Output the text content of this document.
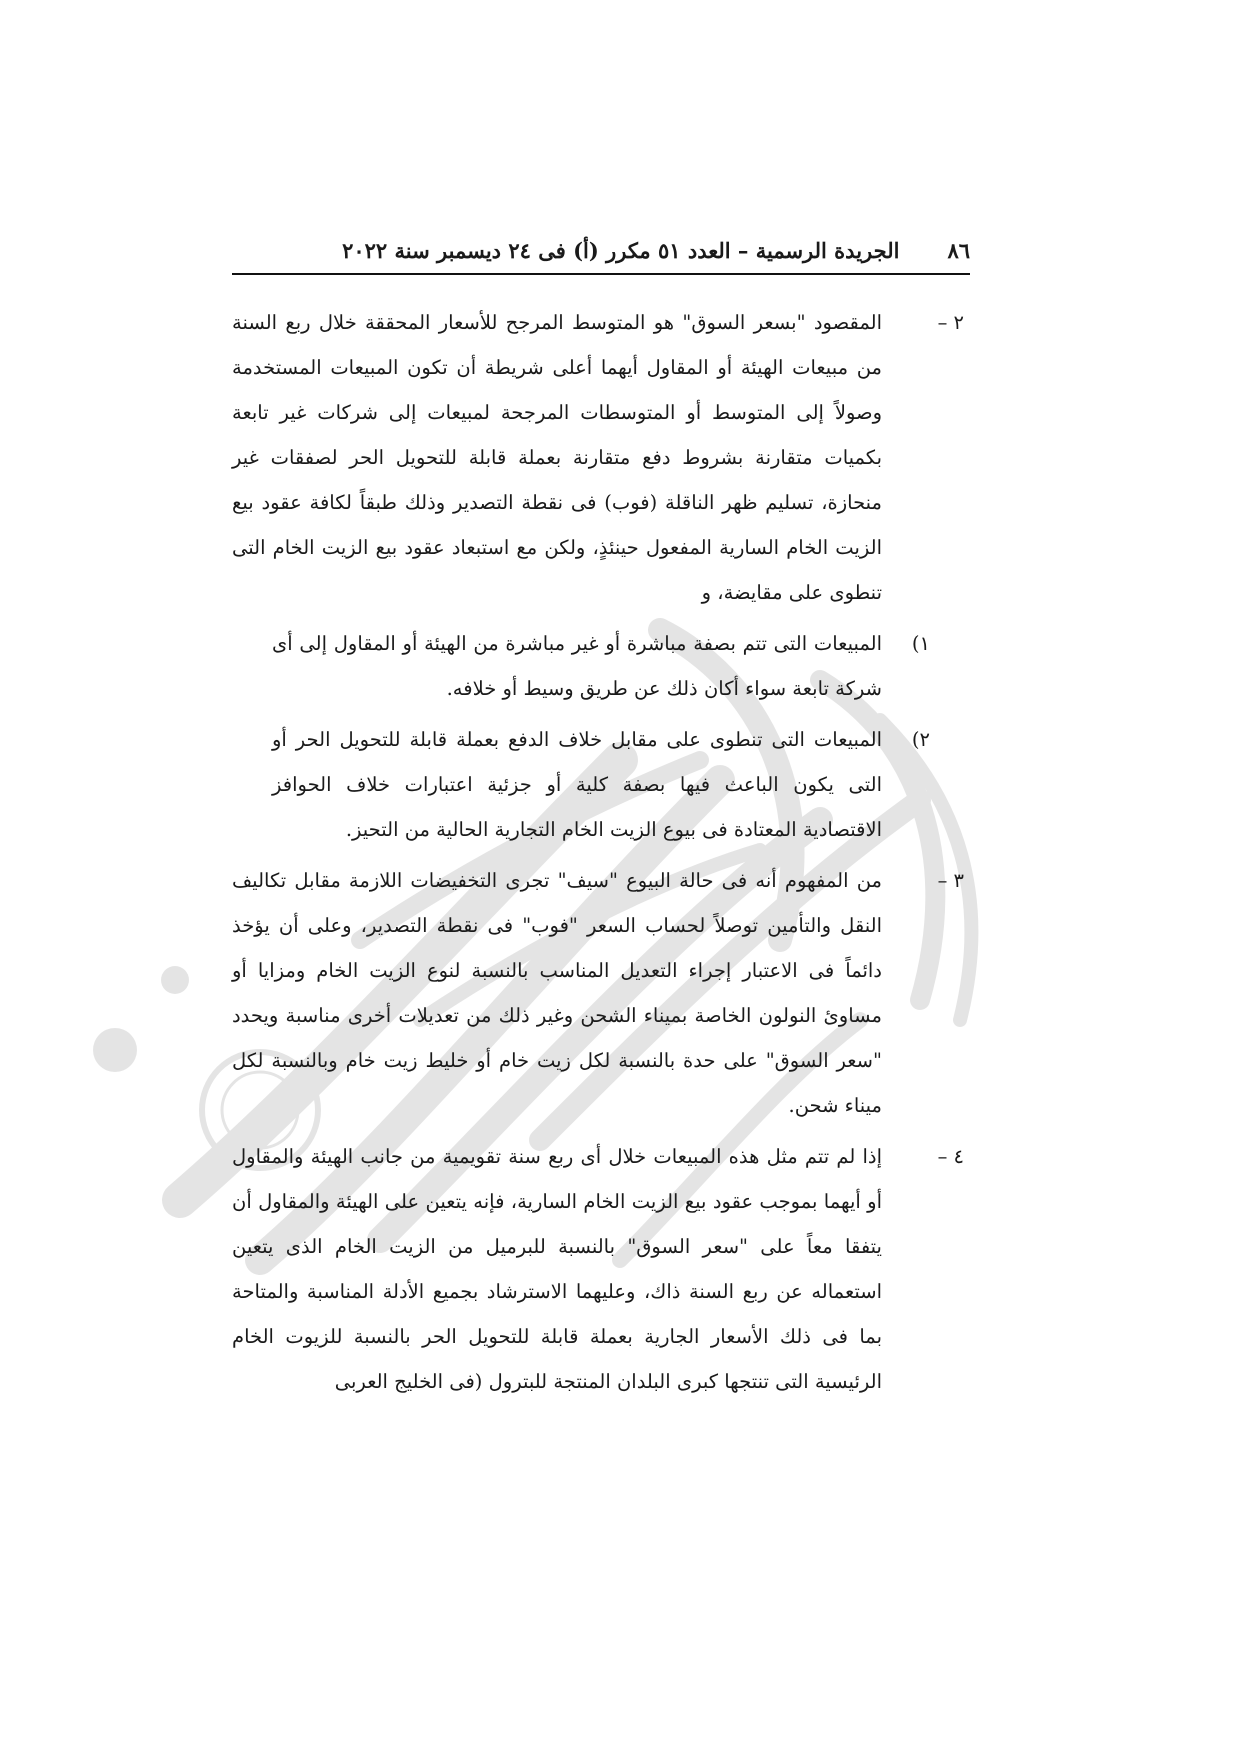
٨٦
الجريدة الرسمية – العدد ٥١ مكرر (أ) فى ٢٤ ديسمبر سنة ٢٠٢٢
٢ –
المقصود "بسعر السوق" هو المتوسط المرجح للأسعار المحققة خلال ربع السنة من مبيعات الهيئة أو المقاول أيهما أعلى شريطة أن تكون المبيعات المستخدمة وصولاً إلى المتوسط أو المتوسطات المرجحة لمبيعات إلى شركات غير تابعة بكميات متقارنة بشروط دفع متقارنة بعملة قابلة للتحويل الحر لصفقات غير منحازة، تسليم ظهر الناقلة (فوب) فى نقطة التصدير وذلك طبقاً لكافة عقود بيع الزيت الخام السارية المفعول حينئذٍ، ولكن مع استبعاد عقود بيع الزيت الخام التى تنطوى على مقايضة، و
١)
المبيعات التى تتم بصفة مباشرة أو غير مباشرة من الهيئة أو المقاول إلى أى شركة تابعة سواء أكان ذلك عن طريق وسيط أو خلافه.
٢)
المبيعات التى تنطوى على مقابل خلاف الدفع بعملة قابلة للتحويل الحر أو التى يكون الباعث فيها بصفة كلية أو جزئية اعتبارات خلاف الحوافز الاقتصادية المعتادة فى بيوع الزيت الخام التجارية الحالية من التحيز.
٣ –
من المفهوم أنه فى حالة البيوع "سيف" تجرى التخفيضات اللازمة مقابل تكاليف النقل والتأمين توصلاً لحساب السعر "فوب" فى نقطة التصدير، وعلى أن يؤخذ دائماً فى الاعتبار إجراء التعديل المناسب بالنسبة لنوع الزيت الخام ومزايا أو مساوئ النولون الخاصة بميناء الشحن وغير ذلك من تعديلات أخرى مناسبة ويحدد "سعر السوق" على حدة بالنسبة لكل زيت خام أو خليط زيت خام وبالنسبة لكل ميناء شحن.
٤ –
إذا لم تتم مثل هذه المبيعات خلال أى ربع سنة تقويمية من جانب الهيئة والمقاول أو أيهما بموجب عقود بيع الزيت الخام السارية، فإنه يتعين على الهيئة والمقاول أن يتفقا معاً على "سعر السوق" بالنسبة للبرميل من الزيت الخام الذى يتعين استعماله عن ربع السنة ذاك، وعليهما الاسترشاد بجميع الأدلة المناسبة والمتاحة بما فى ذلك الأسعار الجارية بعملة قابلة للتحويل الحر بالنسبة للزيوت الخام الرئيسية التى تنتجها كبرى البلدان المنتجة للبترول (فى الخليج العربى
